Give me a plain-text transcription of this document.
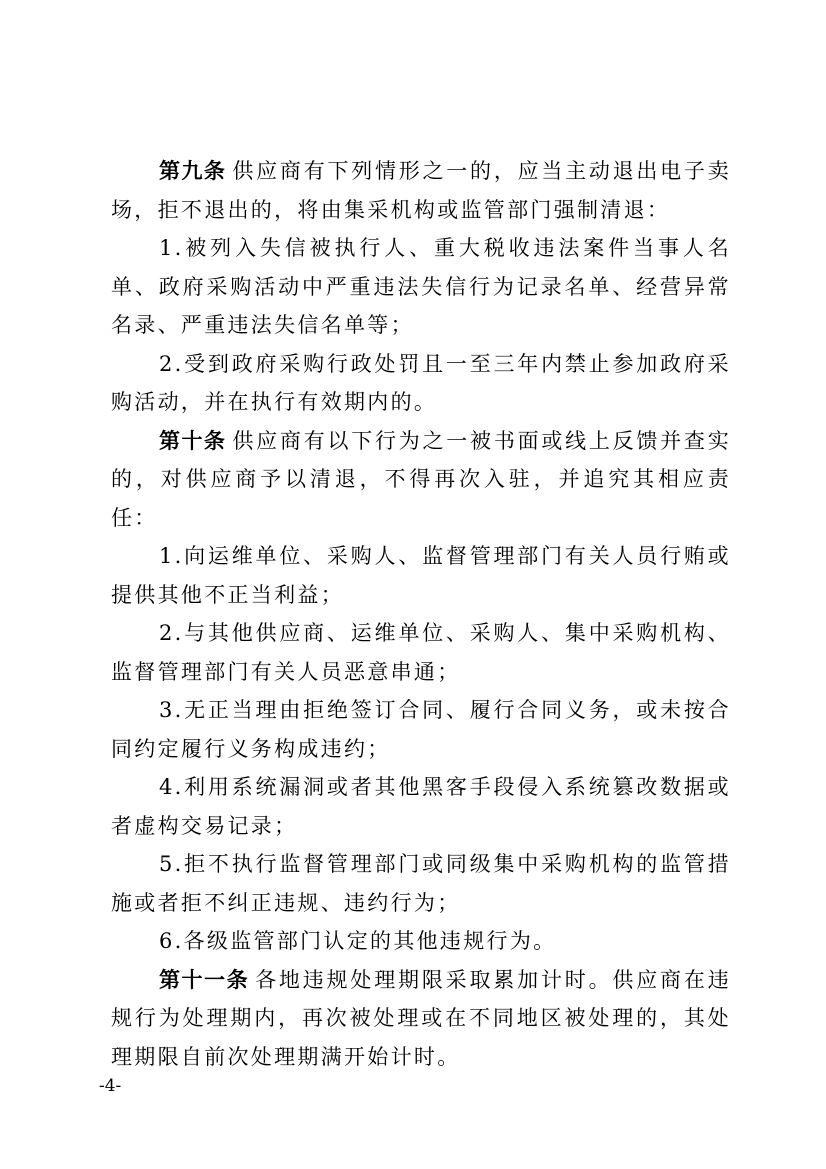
第九条 供应商有下列情形之一的，应当主动退出电子卖场，拒不退出的，将由集采机构或监管部门强制清退：

1.被列入失信被执行人、重大税收违法案件当事人名单、政府采购活动中严重违法失信行为记录名单、经营异常名录、严重违法失信名单等；

2.受到政府采购行政处罚且一至三年内禁止参加政府采购活动，并在执行有效期内的。

第十条 供应商有以下行为之一被书面或线上反馈并查实的，对供应商予以清退，不得再次入驻，并追究其相应责任：

1.向运维单位、采购人、监督管理部门有关人员行贿或提供其他不正当利益；

2.与其他供应商、运维单位、采购人、集中采购机构、监督管理部门有关人员恶意串通；

3.无正当理由拒绝签订合同、履行合同义务，或未按合同约定履行义务构成违约；

4.利用系统漏洞或者其他黑客手段侵入系统篡改数据或者虚构交易记录；

5.拒不执行监督管理部门或同级集中采购机构的监管措施或者拒不纠正违规、违约行为；

6.各级监管部门认定的其他违规行为。

第十一条 各地违规处理期限采取累加计时。供应商在违规行为处理期内，再次被处理或在不同地区被处理的，其处理期限自前次处理期满开始计时。

-4-
